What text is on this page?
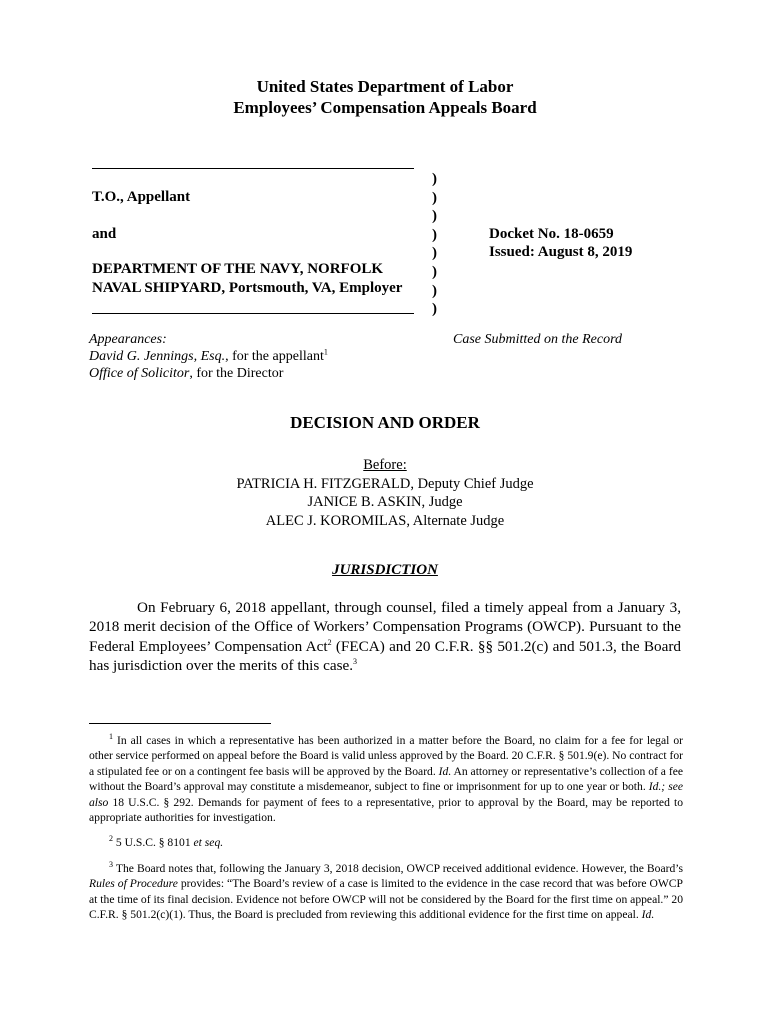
United States Department of Labor
Employees’ Compensation Appeals Board
T.O., Appellant
and
DEPARTMENT OF THE NAVY, NORFOLK
NAVAL SHIPYARD, Portsmouth, VA, Employer
)
)
)
)
)
)
)
)
Docket No. 18-0659
Issued: August 8, 2019
Appearances:
David G. Jennings, Esq., for the appellant$^1$
Office of Solicitor, for the Director
Case Submitted on the Record
DECISION AND ORDER
Before:
PATRICIA H. FITZGERALD, Deputy Chief Judge
JANICE B. ASKIN, Judge
ALEC J. KOROMILAS, Alternate Judge
JURISDICTION
On February 6, 2018 appellant, through counsel, filed a timely appeal from a January 3, 2018 merit decision of the Office of Workers’ Compensation Programs (OWCP). Pursuant to the Federal Employees’ Compensation Act$^2$ (FECA) and 20 C.F.R. §§ 501.2(c) and 501.3, the Board has jurisdiction over the merits of this case.$^3$
$^1$ In all cases in which a representative has been authorized in a matter before the Board, no claim for a fee for legal or other service performed on appeal before the Board is valid unless approved by the Board. 20 C.F.R. § 501.9(e). No contract for a stipulated fee or on a contingent fee basis will be approved by the Board. Id. An attorney or representative’s collection of a fee without the Board’s approval may constitute a misdemeanor, subject to fine or imprisonment for up to one year or both. Id.; see also 18 U.S.C. § 292. Demands for payment of fees to a representative, prior to approval by the Board, may be reported to appropriate authorities for investigation.
$^2$ 5 U.S.C. § 8101 et seq.
$^3$ The Board notes that, following the January 3, 2018 decision, OWCP received additional evidence. However, the Board’s Rules of Procedure provides: “The Board’s review of a case is limited to the evidence in the case record that was before OWCP at the time of its final decision. Evidence not before OWCP will not be considered by the Board for the first time on appeal.” 20 C.F.R. § 501.2(c)(1). Thus, the Board is precluded from reviewing this additional evidence for the first time on appeal. Id.
